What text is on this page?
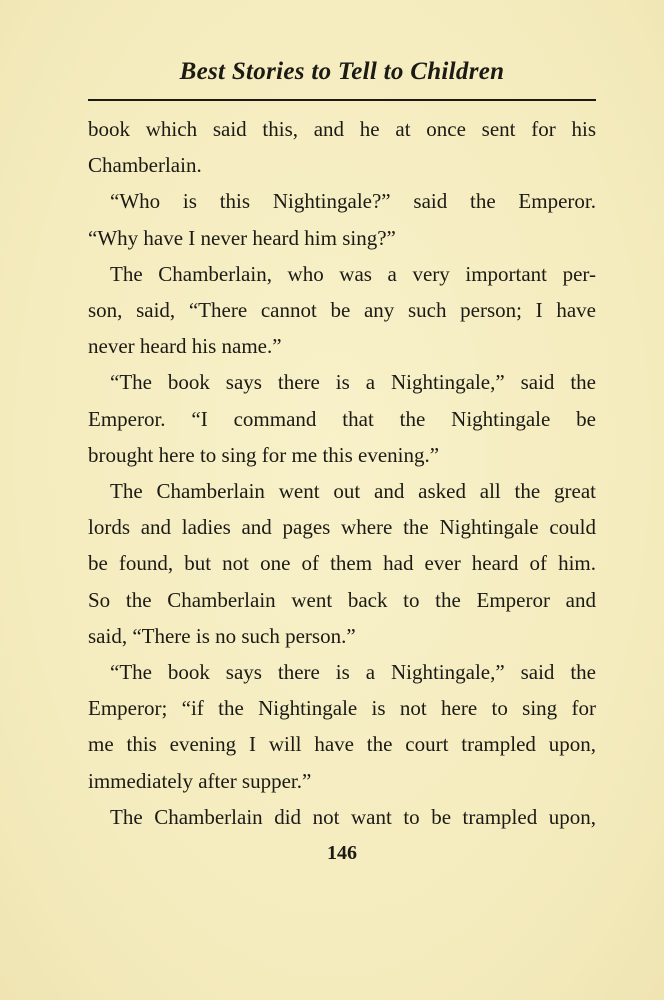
Best Stories to Tell to Children
book which said this, and he at once sent for his
Chamberlain.
“Who is this Nightingale?” said the Emperor.
“Why have I never heard him sing?”
The Chamberlain, who was a very important per-
son, said, “There cannot be any such person; I have
never heard his name.”
“The book says there is a Nightingale,” said the
Emperor. “I command that the Nightingale be
brought here to sing for me this evening.”
The Chamberlain went out and asked all the great
lords and ladies and pages where the Nightingale could
be found, but not one of them had ever heard of him.
So the Chamberlain went back to the Emperor and
said, “There is no such person.”
“The book says there is a Nightingale,” said the
Emperor; “if the Nightingale is not here to sing for
me this evening I will have the court trampled upon,
immediately after supper.”
The Chamberlain did not want to be trampled upon,
146
